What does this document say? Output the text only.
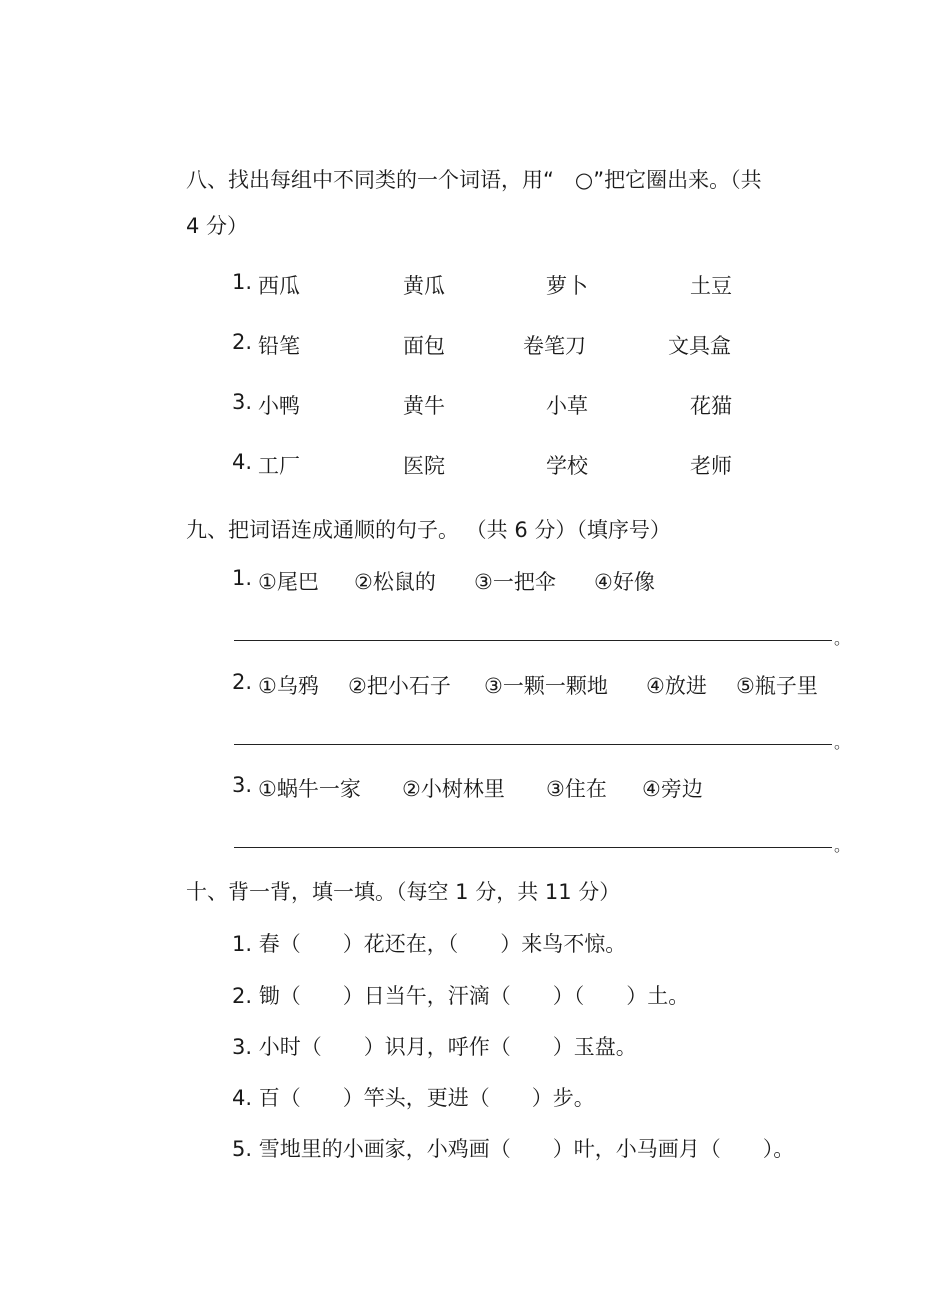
八、找出每组中不同类的一个词语，用“　○”把它圈出来。（共
4 分）
1. 西瓜	黄瓜	萝卜	土豆
2. 铅笔	面包	卷笔刀	文具盒
3. 小鸭	黄牛	小草	花猫
4. 工厂	医院	学校	老师
九、把词语连成通顺的句子。 （共 6 分）（填序号）
1. ①尾巴 ②松鼠的 ③一把伞 ④好像
。
2. ①乌鸦 ②把小石子 ③一颗一颗地 ④放进 ⑤瓶子里
。
3. ①蜗牛一家 ②小树林里 ③住在 ④旁边
。
十、背一背，填一填。（每空 1 分，共 11 分）
1. 春（　　）花还在，（　　）来鸟不惊。
2. 锄（　　）日当午，汗滴（　　）（　　）土。
3. 小时（　　）识月，呼作（　　）玉盘。
4. 百（　　）竿头，更进（　　）步。
5. 雪地里的小画家，小鸡画（　　）叶，小马画月（　　）。
